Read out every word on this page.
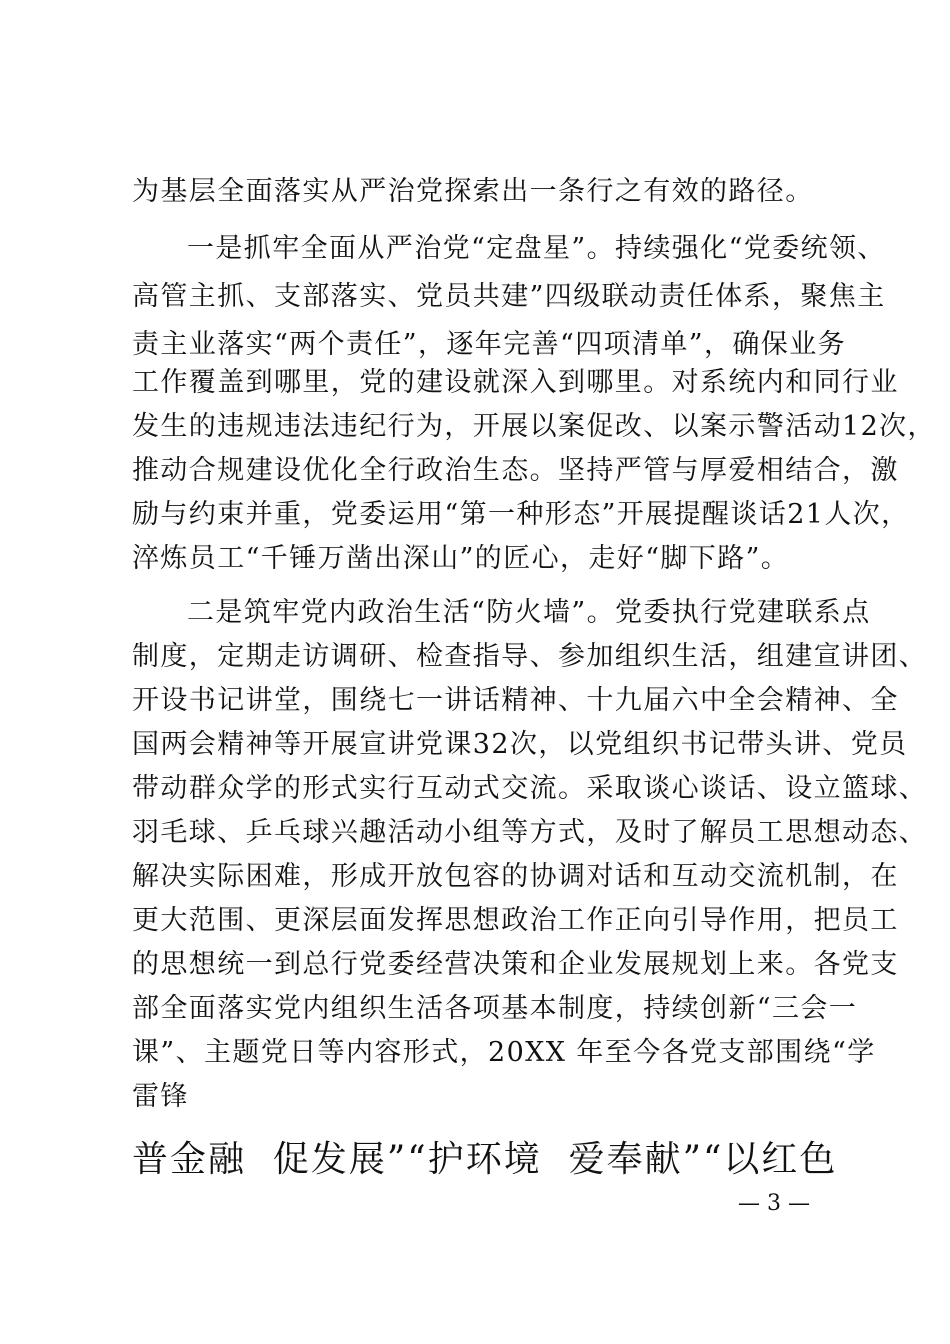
为基层全面落实从严治党探索出一条行之有效的路径。
一是抓牢全面从严治党“定盘星”。持续强化“党委统领、
高管主抓、支部落实、党员共建”四级联动责任体系，聚焦主
责主业落实“两个责任”，逐年完善“四项清单”，确保业务
工作覆盖到哪里，党的建设就深入到哪里。对系统内和同行业
发生的违规违法违纪行为，开展以案促改、以案示警活动12次，
推动合规建设优化全行政治生态。坚持严管与厚爱相结合，激
励与约束并重，党委运用“第一种形态”开展提醒谈话21人次，
淬炼员工“千锤万凿出深山”的匠心，走好“脚下路”。
二是筑牢党内政治生活“防火墙”。党委执行党建联系点
制度，定期走访调研、检查指导、参加组织生活，组建宣讲团、
开设书记讲堂，围绕七一讲话精神、十九届六中全会精神、全
国两会精神等开展宣讲党课32次，以党组织书记带头讲、党员
带动群众学的形式实行互动式交流。采取谈心谈话、设立篮球、
羽毛球、乒乓球兴趣活动小组等方式，及时了解员工思想动态、
解决实际困难，形成开放包容的协调对话和互动交流机制，在
更大范围、更深层面发挥思想政治工作正向引导作用，把员工
的思想统一到总行党委经营决策和企业发展规划上来。各党支
部全面落实党内组织生活各项基本制度，持续创新“三会一
课”、主题党日等内容形式，20XX 年至今各党支部围绕“学
雷锋
普金融  促发展”“护环境  爱奉献”“以红色
— 3 —
